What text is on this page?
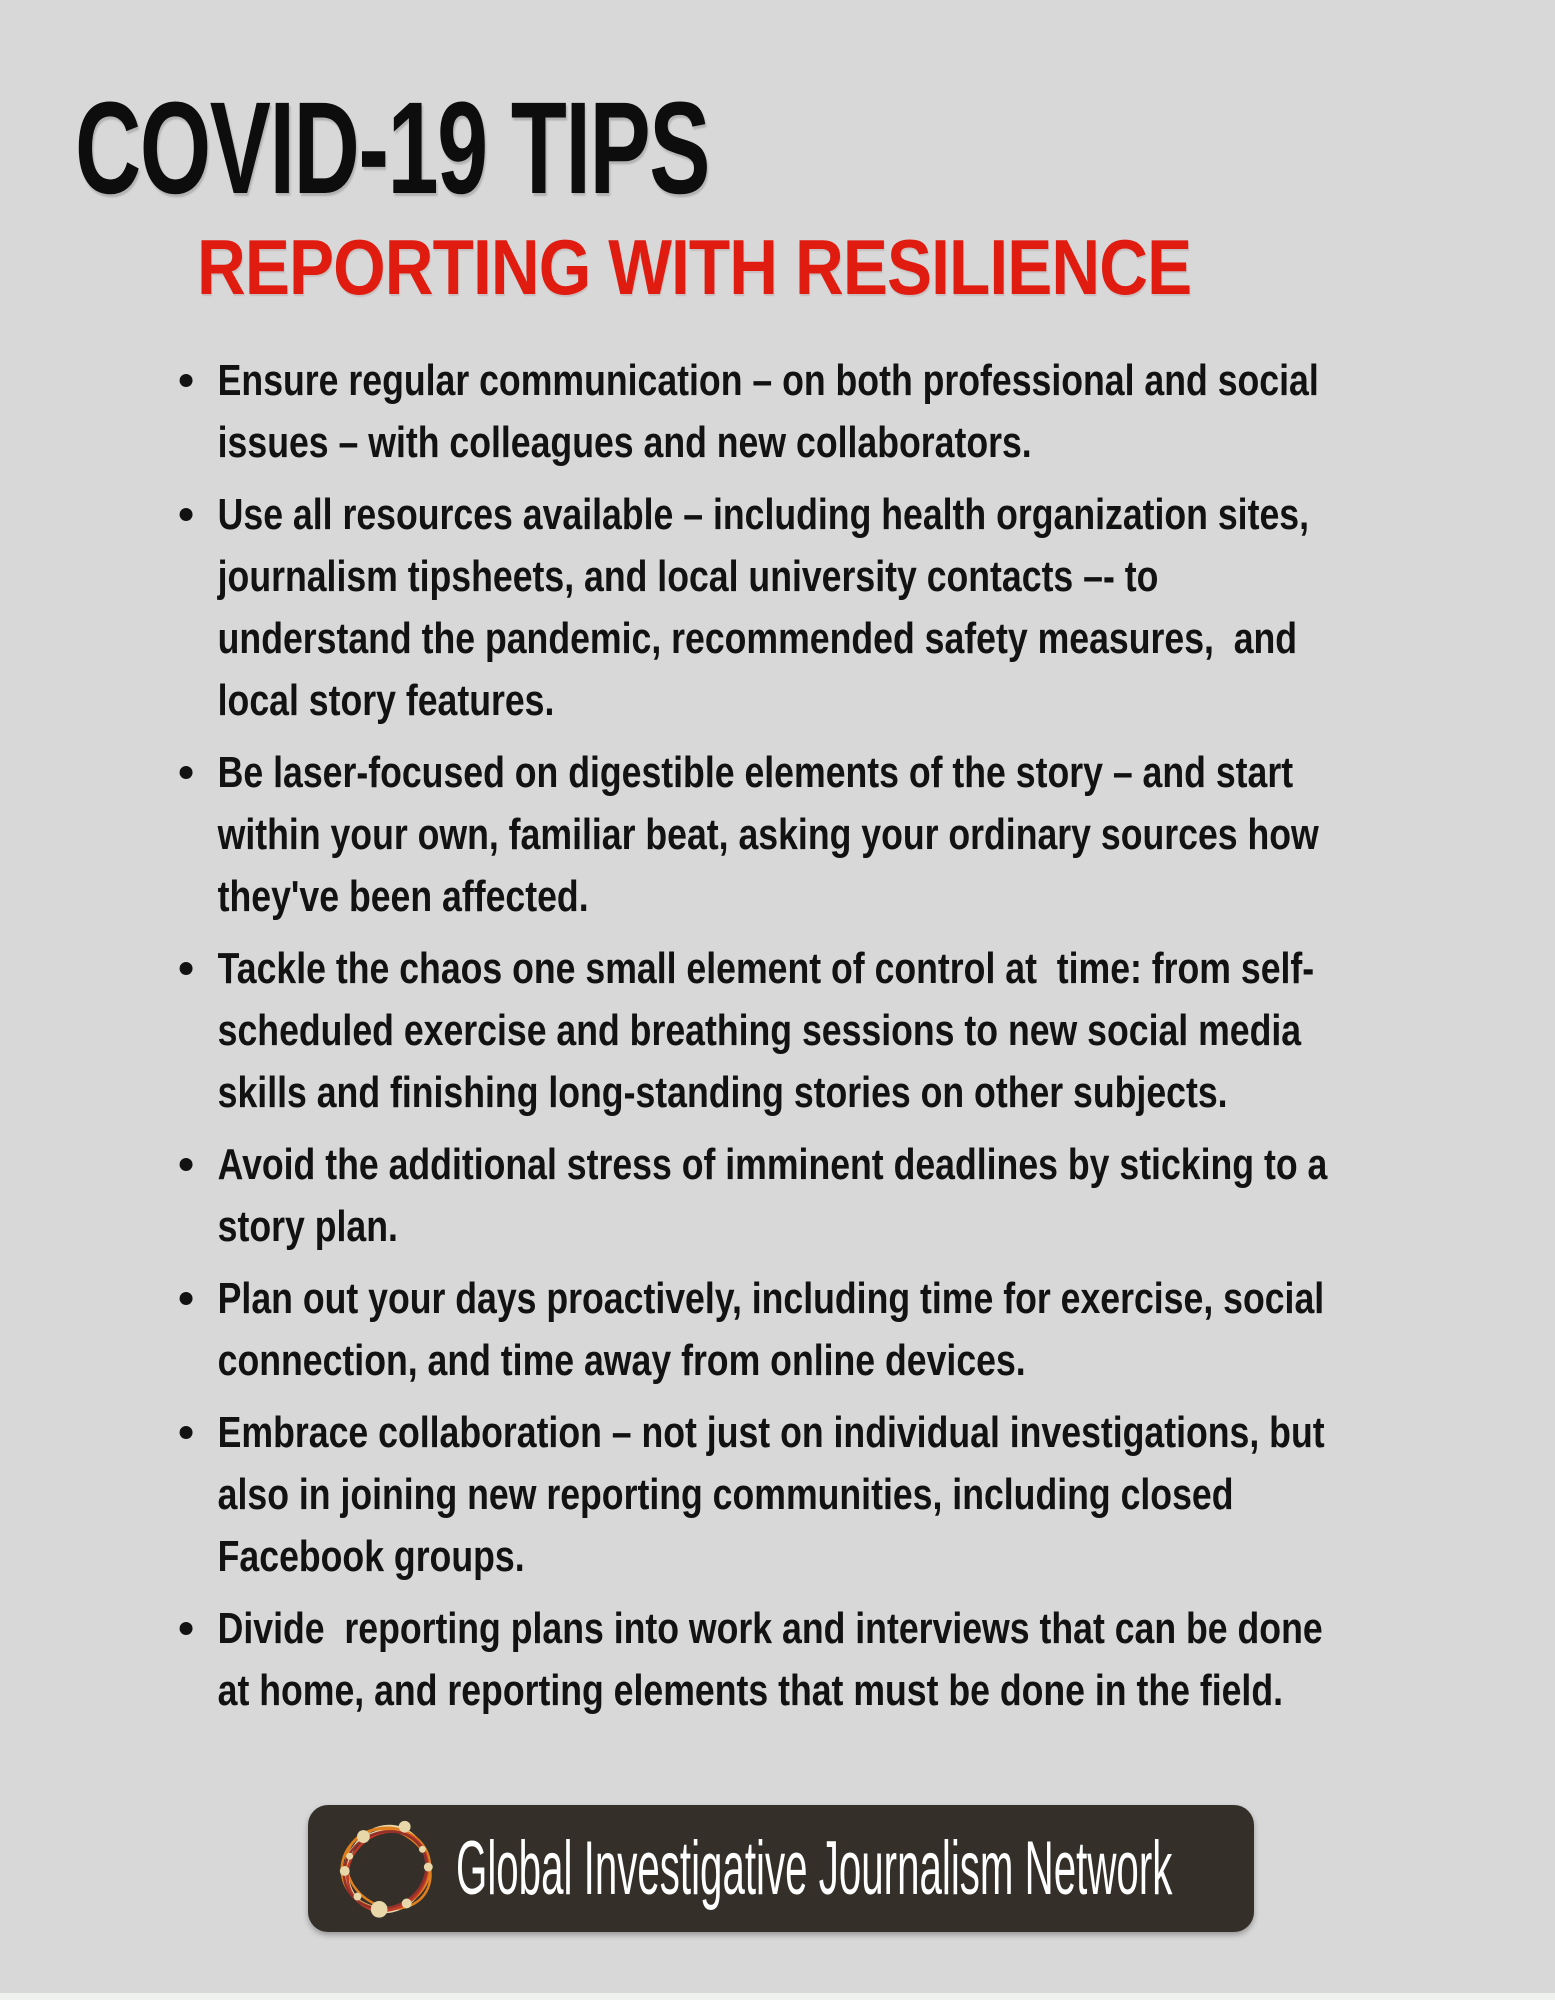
COVID-19 TIPS
REPORTING WITH RESILIENCE
Ensure regular communication – on both professional and social issues – with colleagues and new collaborators.
Use all resources available – including health organization sites, journalism tipsheets, and local university contacts –- to understand the pandemic, recommended safety measures,  and local story features.
Be laser-focused on digestible elements of the story – and start within your own, familiar beat, asking your ordinary sources how they've been affected.
Tackle the chaos one small element of control at  time: from self-scheduled exercise and breathing sessions to new social media skills and finishing long-standing stories on other subjects.
Avoid the additional stress of imminent deadlines by sticking to a story plan.
Plan out your days proactively, including time for exercise, social connection, and time away from online devices.
Embrace collaboration – not just on individual investigations, but also in joining new reporting communities, including closed Facebook groups.
Divide  reporting plans into work and interviews that can be done at home, and reporting elements that must be done in the field.
Global Investigative Journalism Network
